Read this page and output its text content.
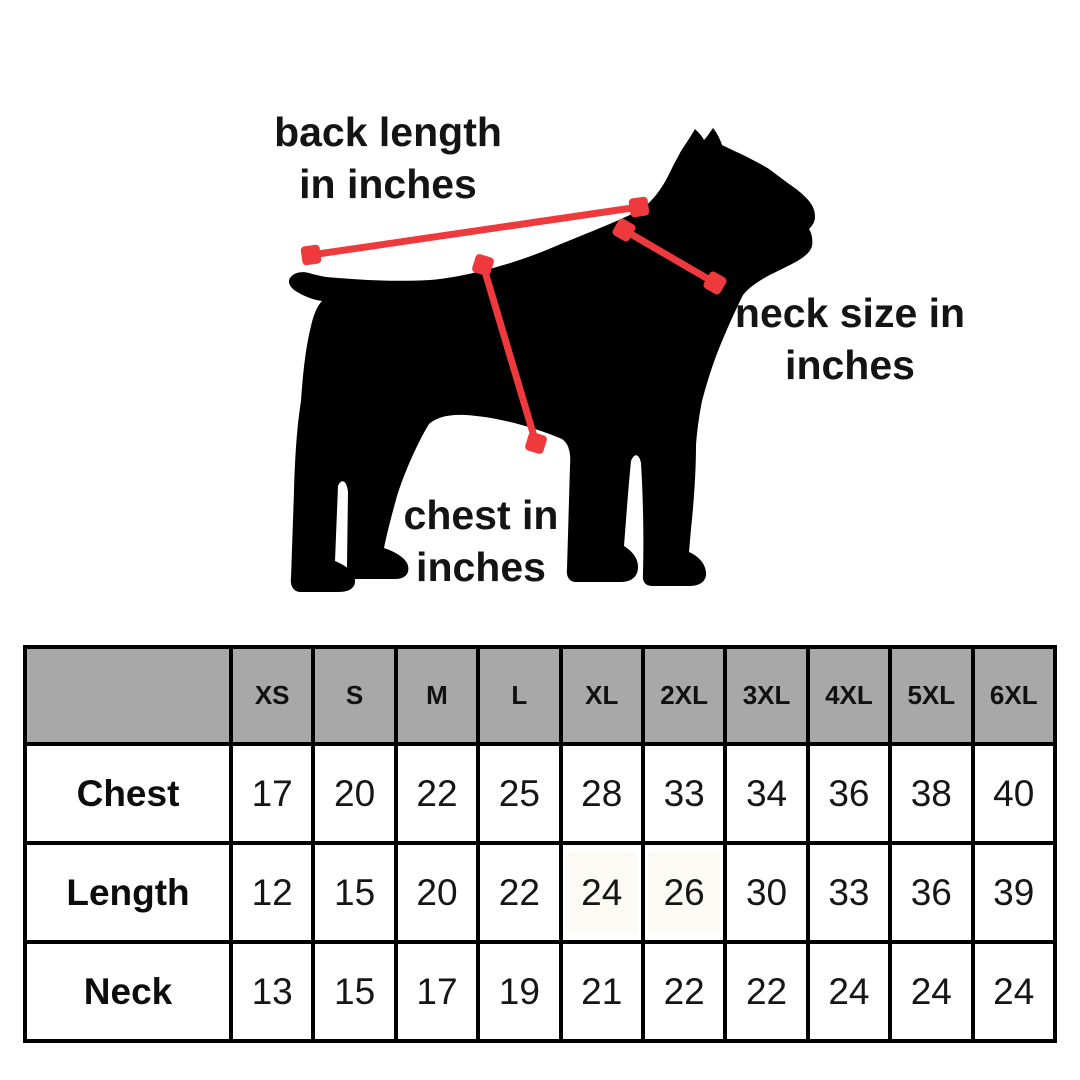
back length
in inches
neck size in
inches
chest in
inches
	XS	S	M	L	XL	2XL	3XL	4XL	5XL	6XL
Chest	17	20	22	25	28	33	34	36	38	40
Length	12	15	20	22	24	26	30	33	36	39
Neck	13	15	17	19	21	22	22	24	24	24
